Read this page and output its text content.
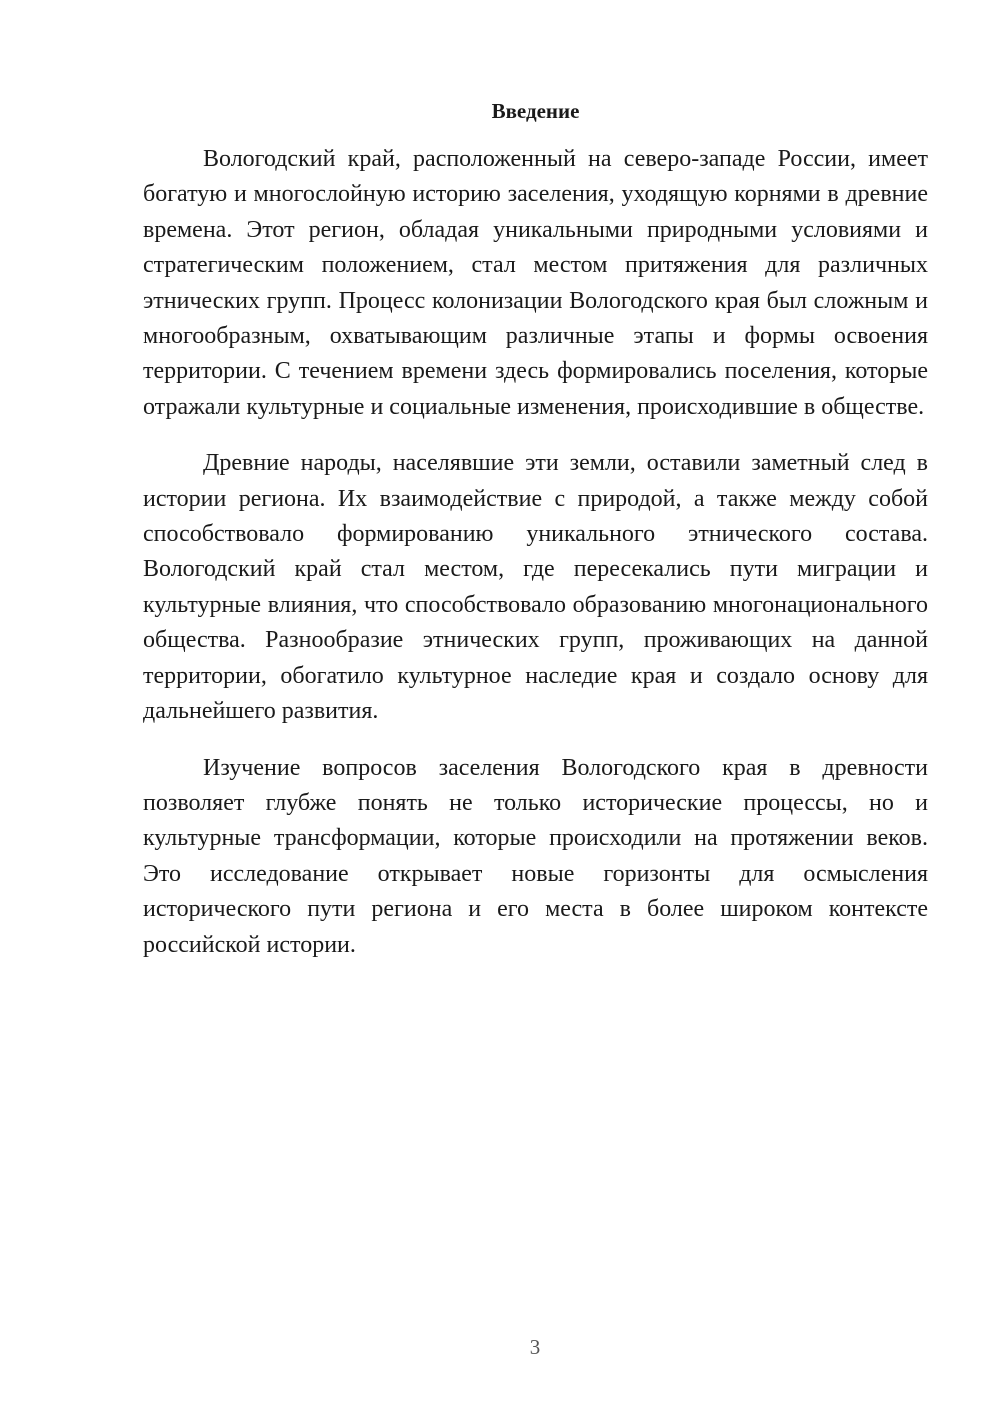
Введение

Вологодский край, расположенный на северо-западе России, имеет богатую и многослойную историю заселения, уходящую корнями в древние времена. Этот регион, обладая уникальными природными условиями и стратегическим положением, стал местом притяжения для различных этнических групп. Процесс колонизации Вологодского края был сложным и многообразным, охватывающим различные этапы и формы освоения территории. С течением времени здесь формировались поселения, которые отражали культурные и социальные изменения, происходившие в обществе.

Древние народы, населявшие эти земли, оставили заметный след в истории региона. Их взаимодействие с природой, а также между собой способствовало формированию уникального этнического состава. Вологодский край стал местом, где пересекались пути миграции и культурные влияния, что способствовало образованию многонационального общества. Разнообразие этнических групп, проживающих на данной территории, обогатило культурное наследие края и создало основу для дальнейшего развития.

Изучение вопросов заселения Вологодского края в древности позволяет глубже понять не только исторические процессы, но и культурные трансформации, которые происходили на протяжении веков. Это исследование открывает новые горизонты для осмысления исторического пути региона и его места в более широком контексте российской истории.

3
